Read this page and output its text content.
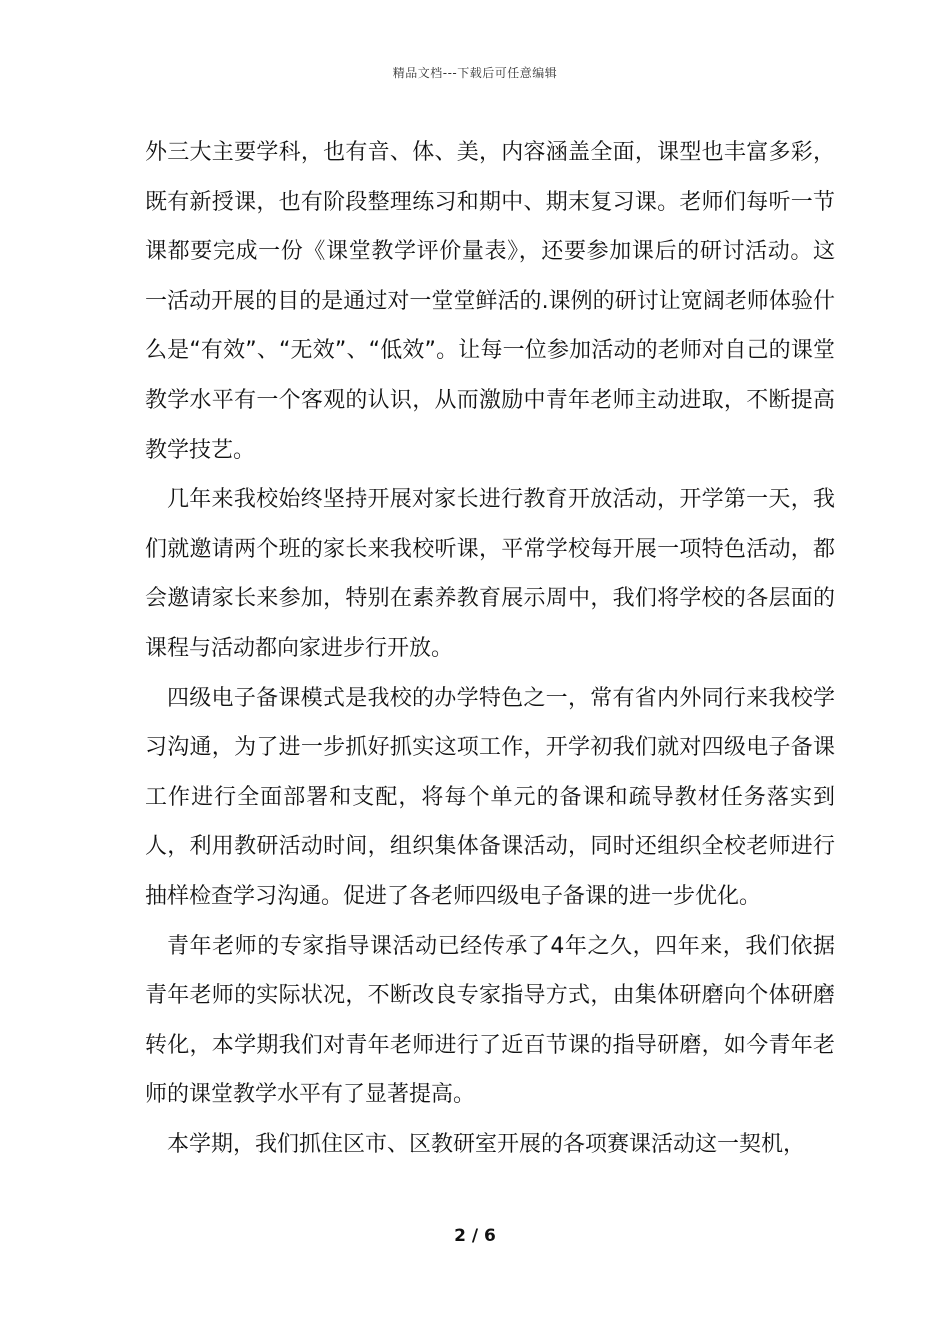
精品文档---下载后可任意编辑

外三大主要学科，也有音、体、美，内容涵盖全面，课型也丰富多彩，既有新授课，也有阶段整理练习和期中、期末复习课。老师们每听一节课都要完成一份《课堂教学评价量表》，还要参加课后的研讨活动。这一活动开展的目的是通过对一堂堂鲜活的.课例的研讨让宽阔老师体验什么是“有效”、“无效”、“低效”。让每一位参加活动的老师对自己的课堂教学水平有一个客观的认识，从而激励中青年老师主动进取，不断提高教学技艺。

几年来我校始终坚持开展对家长进行教育开放活动，开学第一天，我们就邀请两个班的家长来我校听课，平常学校每开展一项特色活动，都会邀请家长来参加，特别在素养教育展示周中，我们将学校的各层面的课程与活动都向家进步行开放。

四级电子备课模式是我校的办学特色之一，常有省内外同行来我校学习沟通，为了进一步抓好抓实这项工作，开学初我们就对四级电子备课工作进行全面部署和支配，将每个单元的备课和疏导教材任务落实到人，利用教研活动时间，组织集体备课活动，同时还组织全校老师进行抽样检查学习沟通。促进了各老师四级电子备课的进一步优化。

青年老师的专家指导课活动已经传承了4年之久，四年来，我们依据青年老师的实际状况，不断改良专家指导方式，由集体研磨向个体研磨转化，本学期我们对青年老师进行了近百节课的指导研磨，如今青年老师的课堂教学水平有了显著提高。

本学期，我们抓住区市、区教研室开展的各项赛课活动这一契机，

2 / 6
